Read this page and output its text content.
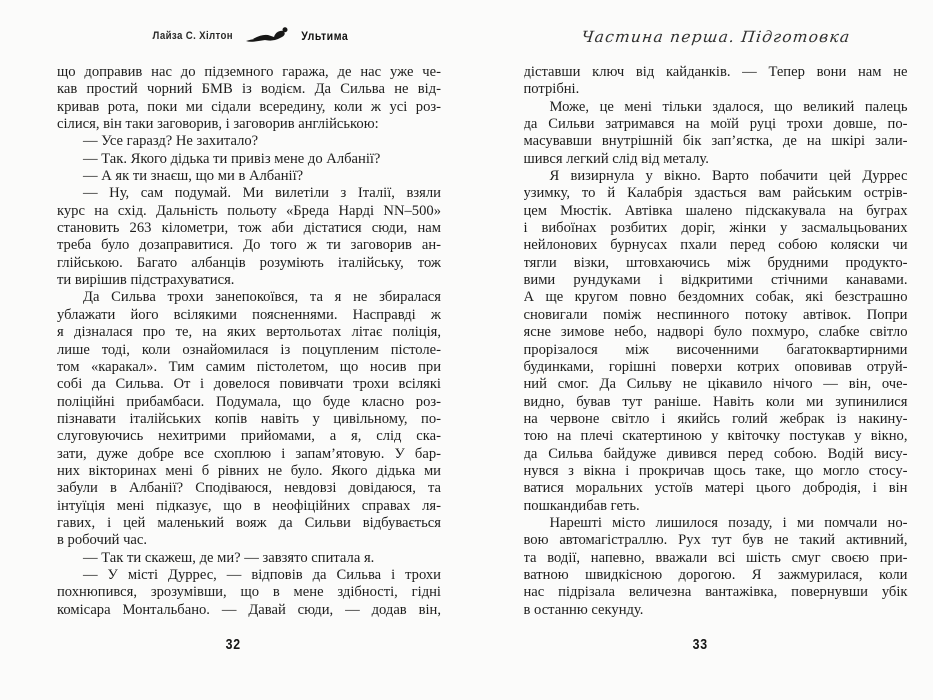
Лайза С. Хілтон	Ультима
що доправив нас до підземного гаража, де нас уже че-
кав простий чорний БМВ із водієм. Да Сильва не від-
кривав рота, поки ми сідали всередину, коли ж усі роз-
сілися, він таки заговорив, і заговорив англійською:
— Усе гаразд? Не захитало?
— Так. Якого дідька ти привіз мене до Албанії?
— А як ти знаєш, що ми в Албанії?
— Ну, сам подумай. Ми вилетіли з Італії, взяли
курс на схід. Дальність польоту «Бреда Нарді NN–500»
становить 263 кілометри, тож аби дістатися сюди, нам
треба було дозаправитися. До того ж ти заговорив ан-
глійською. Багато албанців розуміють італійську, тож
ти вирішив підстрахуватися.
Да Сильва трохи занепокоївся, та я не збиралася
ублажати його всілякими поясненнями. Насправді ж
я дізналася про те, на яких вертольотах літає поліція,
лише тоді, коли ознайомилася із поцупленим пістоле-
том «каракал». Тим самим пістолетом, що носив при
собі да Сильва. От і довелося повивчати трохи всілякі
поліційні прибамбаси. Подумала, що буде класно роз-
пізнавати італійських копів навіть у цивільному, по-
слуговуючись нехитрими прийомами, а я, слід ска-
зати, дуже добре все схоплюю і запам’ятовую. У бар-
них вікторинах мені б рівних не було. Якого дідька ми
забули в Албанії? Сподіваюся, невдовзі довідаюся, та
інтуїція мені підказує, що в неофіційних справах ля-
гавих, і цей маленький вояж да Сильви відбувається
в робочий час.
— Так ти скажеш, де ми? — завзято спитала я.
— У місті Дуррес, — відповів да Сильва і трохи
похнюпився, зрозумівши, що в мене здібності, гідні
комісара Монтальбано. — Давай сюди, — додав він,
32
Частина перша. Підготовка
діставши ключ від кайданків. — Тепер вони нам не
потрібні.
Може, це мені тільки здалося, що великий палець
да Сильви затримався на моїй руці трохи довше, по-
масувавши внутрішній бік зап’ястка, де на шкірі зали-
шився легкий слід від металу.
Я визирнула у вікно. Варто побачити цей Дуррес
узимку, то й Калабрія здасться вам райським острів-
цем Мюстік. Автівка шалено підскакувала на буграх
і вибоїнах розбитих доріг, жінки у засмальцьованих
нейлонових бурнусах пхали перед собою коляски чи
тягли візки, штовхаючись між брудними продукто-
вими рундуками і відкритими стічними канавами.
А ще кругом повно бездомних собак, які безстрашно
сновигали поміж неспинного потоку автівок. Попри
ясне зимове небо, надворі було похмуро, слабке світло
прорізалося між височенними багатоквартирними
будинками, горішні поверхи котрих оповивав отруй-
ний смог. Да Сильву не цікавило нічого — він, оче-
видно, бував тут раніше. Навіть коли ми зупинилися
на червоне світло і якийсь голий жебрак із накину-
тою на плечі скатертиною у квіточку постукав у вікно,
да Сильва байдуже дивився перед собою. Водій вису-
нувся з вікна і прокричав щось таке, що могло стосу-
ватися моральних устоїв матері цього добродія, і він
пошкандибав геть.
Нарешті місто лишилося позаду, і ми помчали но-
вою автомагістраллю. Рух тут був не такий активний,
та водії, напевно, вважали всі шість смуг своєю при-
ватною швидкісною дорогою. Я зажмурилася, коли
нас підрізала величезна вантажівка, повернувши убік
в останню секунду.
33
